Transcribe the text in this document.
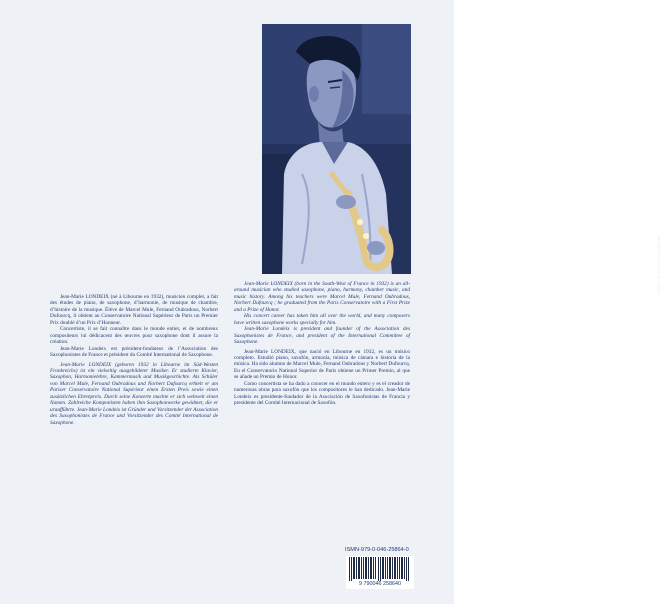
Photo : N. FUSTE-LAMBEZAT

Jean-Marie LONDEIX (né à Libourne en 1932), musicien complet, a fait des études de piano, de saxophone, d’harmonie, de musique de chambre, d’histoire de la musique. Élève de Marcel Mule, Fernand Oubradous, Norbert Dufourcq, il obtient au Conservatoire National Supérieur de Paris un Premier Prix doublé d’un Prix d’Honneur.

Concertiste, il se fait connaître dans le monde entier, et de nombreux compositeurs lui dédicacent des œuvres pour saxophone dont il assure la création.

Jean-Marie Londeix est président-fondateur de l’Association des Saxophonistes de France et président du Comité International de Saxophone.

Jean-Marie LONDEIX (geboren 1932 in Libourne im Süd-Westen Frankreichs) ist ein vielseitig ausgebildeter Musiker. Er studierte Klavier, Saxophon, Harmonielehre, Kammermusik und Musikgeschichte. Als Schüler von Marcel Mule, Fernand Oubradous und Norbert Dufourcq erhielt er am Pariser Conservatoire National Supérieur einen Ersten Preis sowie einen zusätzlichen Ehrenpreis. Durch seine Konzerte machte er sich weltweit einen Namen. Zahlreiche Komponisten haben ihm Saxophonwerke gewidmet, die er uraufführte. Jean-Marie Londeix ist Gründer und Vorsitzender der Association des Saxophonistes de France und Vorsitzender des Comité International de Saxophone.

Jean-Marie LONDEIX (born in the South-West of France in 1932) is an all-around musician who studied saxophone, piano, harmony, chamber music, and music history. Among his teachers were Marcel Mule, Fernand Oubradous, Norbert Dufourcq ; he graduated from the Paris Conservatoire with a First Prize and a Prize of Honor.

His concert career has taken him all over the world, and many composers have written saxophone works specially for him.

Jean-Marie Londeix is president and founder of the Association des Saxophonistes de France, and president of the International Committee of Saxophone.

Jean-Marie LONDEIX, que nació en Libourne en 1932, es un músico completo. Estudió piano, saxofón, armonía, música de cámara e historia de la música. Ha sido alumno de Marcel Mule, Fernand Oubradous y Norbert Dufourcq. En el Conservatorio National Superior de Paris obtiene un Primer Premio, al que se añade un Premio de Honor.

Como concertista se ha dado a conocer en el mundo entero y es el creador de numerosas obras para saxofón que los compositores le han dedicado. Jean-Marie Londeix es presidente-fundador de la Asociación de Saxofonistas de Francia y presidente del Comité Internacional de Saxofón.

ISMN-979-0-046-25864-0
9 790046 258640
